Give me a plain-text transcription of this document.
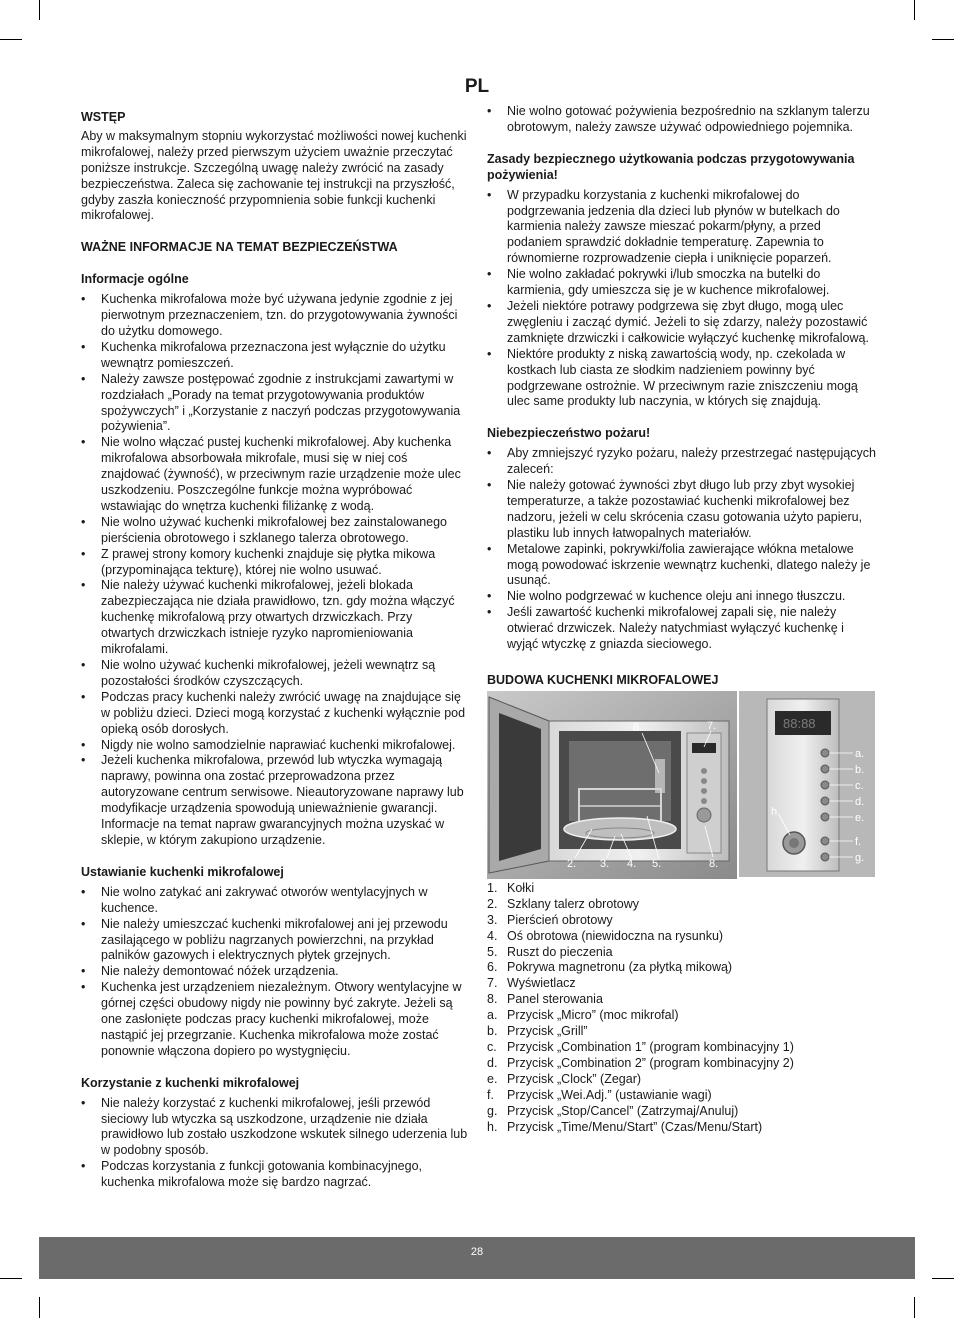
PL

WSTĘP

Aby w maksymalnym stopniu wykorzystać możliwości nowej kuchenki mikrofalowej, należy przed pierwszym użyciem uważnie przeczytać poniższe instrukcje. Szczególną uwagę należy zwrócić na zasady bezpieczeństwa. Zaleca się zachowanie tej instrukcji na przyszłość, gdyby zaszła konieczność przypomnienia sobie funkcji kuchenki mikrofalowej.

WAŻNE INFORMACJE NA TEMAT BEZPIECZEŃSTWA

Informacje ogólne

• Kuchenka mikrofalowa może być używana jedynie zgodnie z jej pierwotnym przeznaczeniem, tzn. do przygotowywania żywności do użytku domowego.
• Kuchenka mikrofalowa przeznaczona jest wyłącznie do użytku wewnątrz pomieszczeń.
• Należy zawsze postępować zgodnie z instrukcjami zawartymi w rozdziałach „Porady na temat przygotowywania produktów spożywczych” i „Korzystanie z naczyń podczas przygotowywania pożywienia”.
• Nie wolno włączać pustej kuchenki mikrofalowej. Aby kuchenka mikrofalowa absorbowała mikrofale, musi się w niej coś znajdować (żywność), w przeciwnym razie urządzenie może ulec uszkodzeniu. Poszczególne funkcje można wypróbować wstawiając do wnętrza kuchenki filiżankę z wodą.
• Nie wolno używać kuchenki mikrofalowej bez zainstalowanego pierścienia obrotowego i szklanego talerza obrotowego.
• Z prawej strony komory kuchenki znajduje się płytka mikowa (przypominająca tekturę), której nie wolno usuwać.
• Nie należy używać kuchenki mikrofalowej, jeżeli blokada zabezpieczająca nie działa prawidłowo, tzn. gdy można włączyć kuchenkę mikrofalową przy otwartych drzwiczkach. Przy otwartych drzwiczkach istnieje ryzyko napromieniowania mikrofalami.
• Nie wolno używać kuchenki mikrofalowej, jeżeli wewnątrz są pozostałości środków czyszczących.
• Podczas pracy kuchenki należy zwrócić uwagę na znajdujące się w pobliżu dzieci. Dzieci mogą korzystać z kuchenki wyłącznie pod opieką osób dorosłych.
• Nigdy nie wolno samodzielnie naprawiać kuchenki mikrofalowej.
• Jeżeli kuchenka mikrofalowa, przewód lub wtyczka wymagają naprawy, powinna ona zostać przeprowadzona przez autoryzowane centrum serwisowe. Nieautoryzowane naprawy lub modyfikacje urządzenia spowodują unieważnienie gwarancji. Informacje na temat napraw gwarancyjnych można uzyskać w sklepie, w którym zakupiono urządzenie.

Ustawianie kuchenki mikrofalowej

• Nie wolno zatykać ani zakrywać otworów wentylacyjnych w kuchence.
• Nie należy umieszczać kuchenki mikrofalowej ani jej przewodu zasilającego w pobliżu nagrzanych powierzchni, na przykład palników gazowych i elektrycznych płytek grzejnych.
• Nie należy demontować nóżek urządzenia.
• Kuchenka jest urządzeniem niezależnym. Otwory wentylacyjne w górnej części obudowy nigdy nie powinny być zakryte. Jeżeli są one zasłonięte podczas pracy kuchenki mikrofalowej, może nastąpić jej przegrzanie. Kuchenka mikrofalowa może zostać ponownie włączona dopiero po wystygnięciu.

Korzystanie z kuchenki mikrofalowej

• Nie należy korzystać z kuchenki mikrofalowej, jeśli przewód sieciowy lub wtyczka są uszkodzone, urządzenie nie działa prawidłowo lub zostało uszkodzone wskutek silnego uderzenia lub w podobny sposób.
• Podczas korzystania z funkcji gotowania kombinacyjnego, kuchenka mikrofalowa może się bardzo nagrzać.
• Nie wolno gotować pożywienia bezpośrednio na szklanym talerzu obrotowym, należy zawsze używać odpowiedniego pojemnika.

Zasady bezpiecznego użytkowania podczas przygotowywania pożywienia!

• W przypadku korzystania z kuchenki mikrofalowej do podgrzewania jedzenia dla dzieci lub płynów w butelkach do karmienia należy zawsze mieszać pokarm/płyny, a przed podaniem sprawdzić dokładnie temperaturę. Zapewnia to równomierne rozprowadzenie ciepła i uniknięcie poparzeń.
• Nie wolno zakładać pokrywki i/lub smoczka na butelki do karmienia, gdy umieszcza się je w kuchence mikrofalowej.
• Jeżeli niektóre potrawy podgrzewa się zbyt długo, mogą ulec zwęgleniu i zacząć dymić. Jeżeli to się zdarzy, należy pozostawić zamknięte drzwiczki i całkowicie wyłączyć kuchenkę mikrofalową.
• Niektóre produkty z niską zawartością wody, np. czekolada w kostkach lub ciasta ze słodkim nadzieniem powinny być podgrzewane ostrożnie. W przeciwnym razie zniszczeniu mogą ulec same produkty lub naczynia, w których się znajdują.

Niebezpieczeństwo pożaru!

• Aby zmniejszyć ryzyko pożaru, należy przestrzegać następujących zaleceń:
• Nie należy gotować żywności zbyt długo lub przy zbyt wysokiej temperaturze, a także pozostawiać kuchenki mikrofalowej bez nadzoru, jeżeli w celu skrócenia czasu gotowania użyto papieru, plastiku lub innych łatwopalnych materiałów.
• Metalowe zapinki, pokrywki/folia zawierające włókna metalowe mogą powodować iskrzenie wewnątrz kuchenki, dlatego należy je usunąć.
• Nie wolno podgrzewać w kuchence oleju ani innego tłuszczu.
• Jeśli zawartość kuchenki mikrofalowej zapali się, nie należy otwierać drzwiczek. Należy natychmiast wyłączyć kuchenkę i wyjąć wtyczkę z gniazda sieciowego.

BUDOWA KUCHENKI MIKROFALOWEJ

6.	7.
2. 3. 4. 5.	8.
88:88
a.
b.
c.
d.
e.
f.
g.
h.
1. Kołki
2. Szklany talerz obrotowy
3. Pierścień obrotowy
4. Oś obrotowa (niewidoczna na rysunku)
5. Ruszt do pieczenia
6. Pokrywa magnetronu (za płytką mikową)
7. Wyświetlacz
8. Panel sterowania
a. Przycisk „Micro” (moc mikrofal)
b. Przycisk „Grill”
c. Przycisk „Combination 1” (program kombinacyjny 1)
d. Przycisk „Combination 2” (program kombinacyjny 2)
e. Przycisk „Clock” (Zegar)
f. Przycisk „Wei.Adj.” (ustawianie wagi)
g. Przycisk „Stop/Cancel” (Zatrzymaj/Anuluj)
h. Przycisk „Time/Menu/Start” (Czas/Menu/Start)
28
